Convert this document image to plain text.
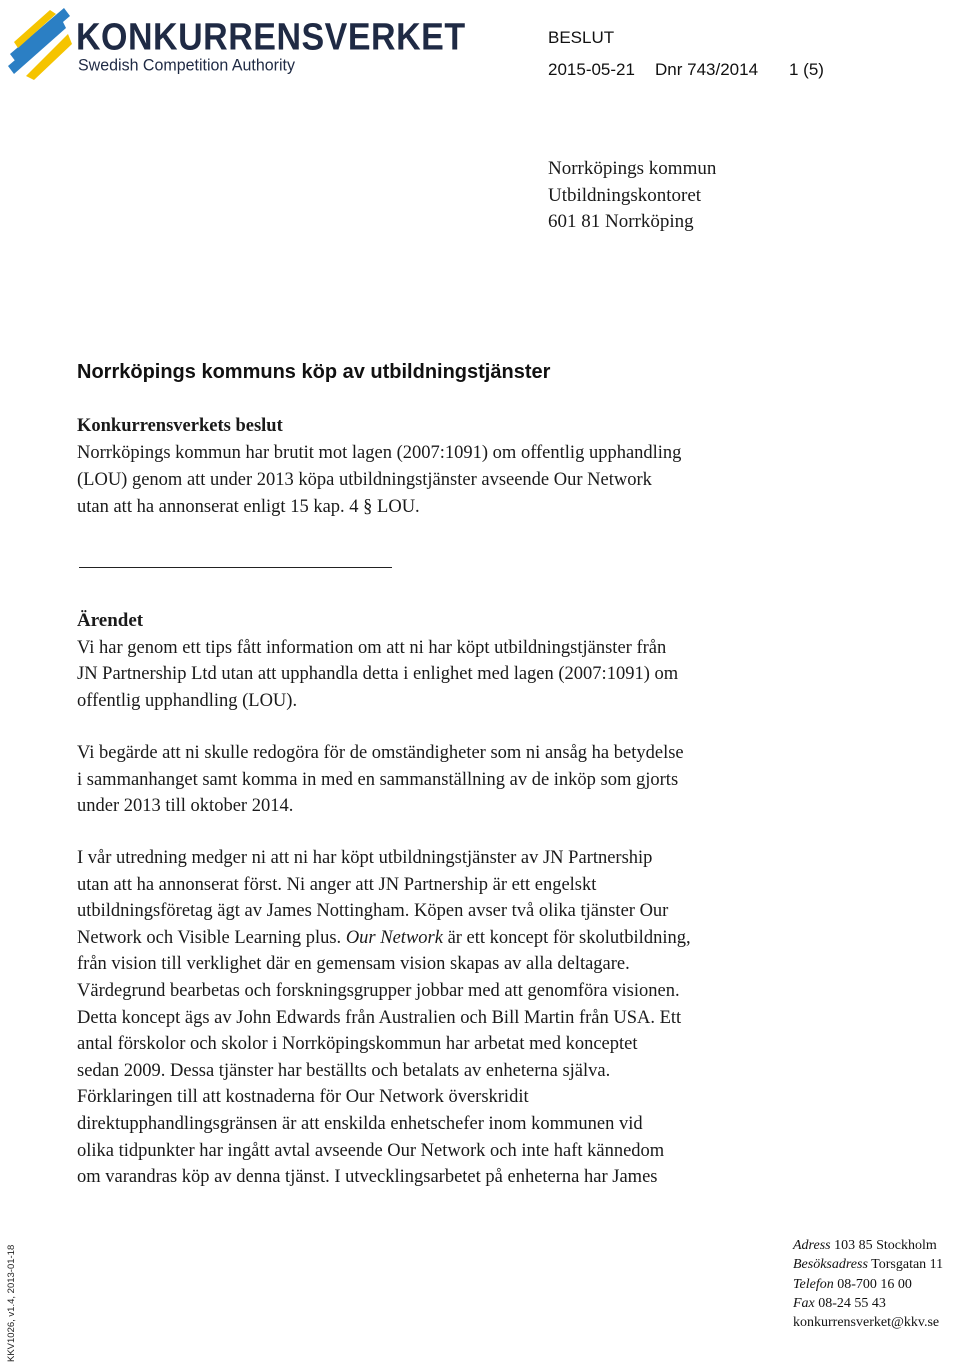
KONKURRENSVERKET
Swedish Competition Authority
BESLUT
2015-05-21 Dnr 743/2014 1 (5)
Norrköpings kommun
Utbildningskontoret
601 81 Norrköping
Norrköpings kommuns köp av utbildningstjänster
Konkurrensverkets beslut
Norrköpings kommun har brutit mot lagen (2007:1091) om offentlig upphandling
(LOU) genom att under 2013 köpa utbildningstjänster avseende Our Network
utan att ha annonserat enligt 15 kap. 4 § LOU.
Ärendet
Vi har genom ett tips fått information om att ni har köpt utbildningstjänster från
JN Partnership Ltd utan att upphandla detta i enlighet med lagen (2007:1091) om
offentlig upphandling (LOU).
Vi begärde att ni skulle redogöra för de omständigheter som ni ansåg ha betydelse
i sammanhanget samt komma in med en sammanställning av de inköp som gjorts
under 2013 till oktober 2014.
I vår utredning medger ni att ni har köpt utbildningstjänster av JN Partnership
utan att ha annonserat först. Ni anger att JN Partnership är ett engelskt
utbildningsföretag ägt av James Nottingham. Köpen avser två olika tjänster Our
Network och Visible Learning plus. Our Network är ett koncept för skolutbildning,
från vision till verklighet där en gemensam vision skapas av alla deltagare.
Värdegrund bearbetas och forskningsgrupper jobbar med att genomföra visionen.
Detta koncept ägs av John Edwards från Australien och Bill Martin från USA. Ett
antal förskolor och skolor i Norrköpingskommun har arbetat med konceptet
sedan 2009. Dessa tjänster har beställts och betalats av enheterna själva.
Förklaringen till att kostnaderna för Our Network överskridit
direktupphandlingsgränsen är att enskilda enhetschefer inom kommunen vid
olika tidpunkter har ingått avtal avseende Our Network och inte haft kännedom
om varandras köp av denna tjänst. I utvecklingsarbetet på enheterna har James
KKV1026, v1.4, 2013-01-18	Adress 103 85 Stockholm
Besöksadress Torsgatan 11
Telefon 08-700 16 00
Fax 08-24 55 43
konkurrensverket@kkv.se
